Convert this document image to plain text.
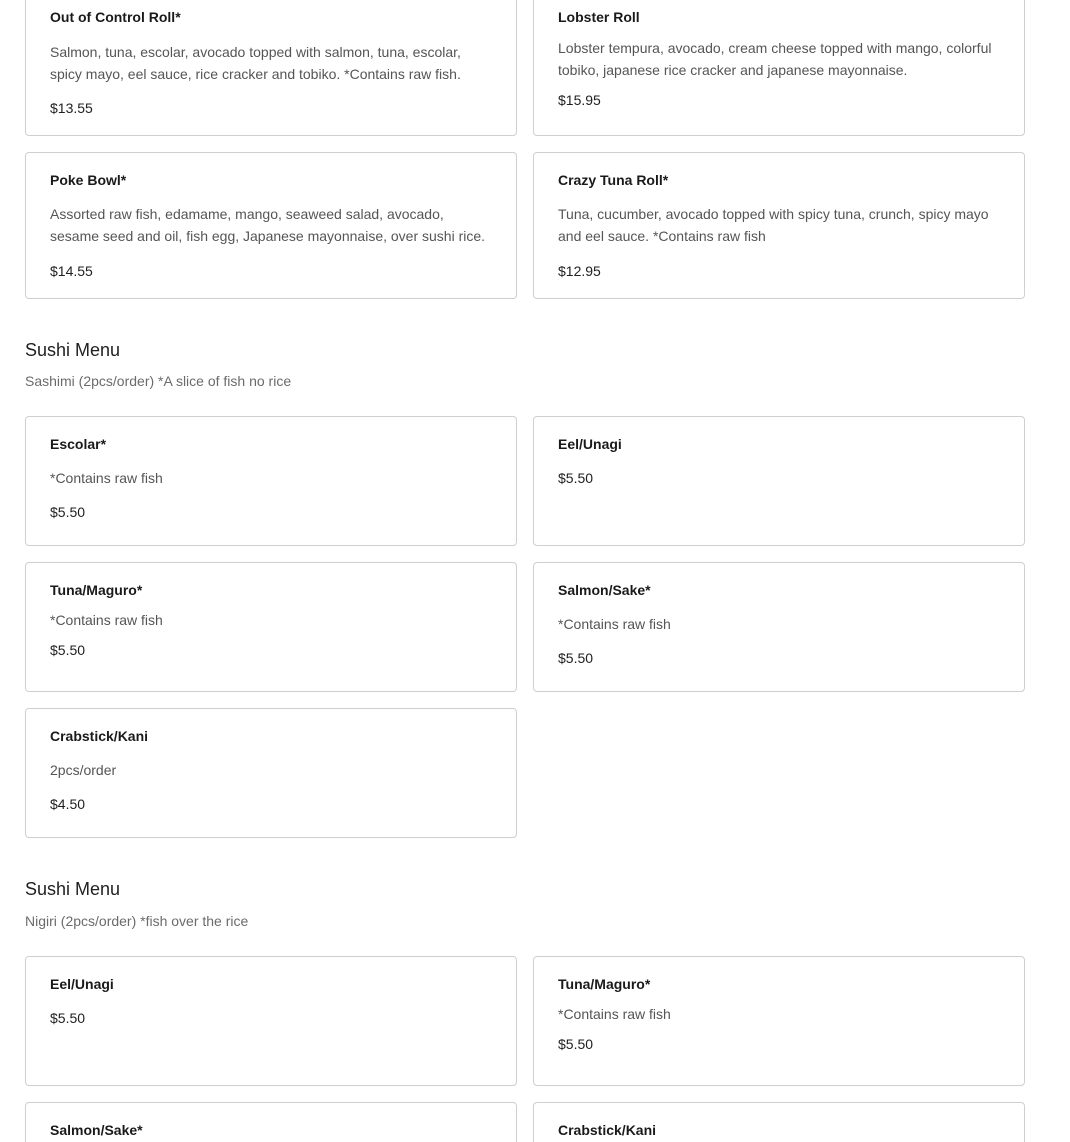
Out of Control Roll*
Salmon, tuna, escolar, avocado topped with salmon, tuna, escolar, spicy mayo, eel sauce, rice cracker and tobiko. *Contains raw fish.
$13.55
Lobster Roll
Lobster tempura, avocado, cream cheese topped with mango, colorful tobiko, japanese rice cracker and japanese mayonnaise.
$15.95
Poke Bowl*
Assorted raw fish, edamame, mango, seaweed salad, avocado, sesame seed and oil, fish egg, Japanese mayonnaise, over sushi rice.
$14.55
Crazy Tuna Roll*
Tuna, cucumber, avocado topped with spicy tuna, crunch, spicy mayo and eel sauce. *Contains raw fish
$12.95
Sushi Menu
Sashimi (2pcs/order) *A slice of fish no rice
Escolar*
*Contains raw fish
$5.50
Eel/Unagi
$5.50
Tuna/Maguro*
*Contains raw fish
$5.50
Salmon/Sake*
*Contains raw fish
$5.50
Crabstick/Kani
2pcs/order
$4.50
Sushi Menu
Nigiri (2pcs/order) *fish over the rice
Eel/Unagi
$5.50
Tuna/Maguro*
*Contains raw fish
$5.50
Salmon/Sake*	Crabstick/Kani
